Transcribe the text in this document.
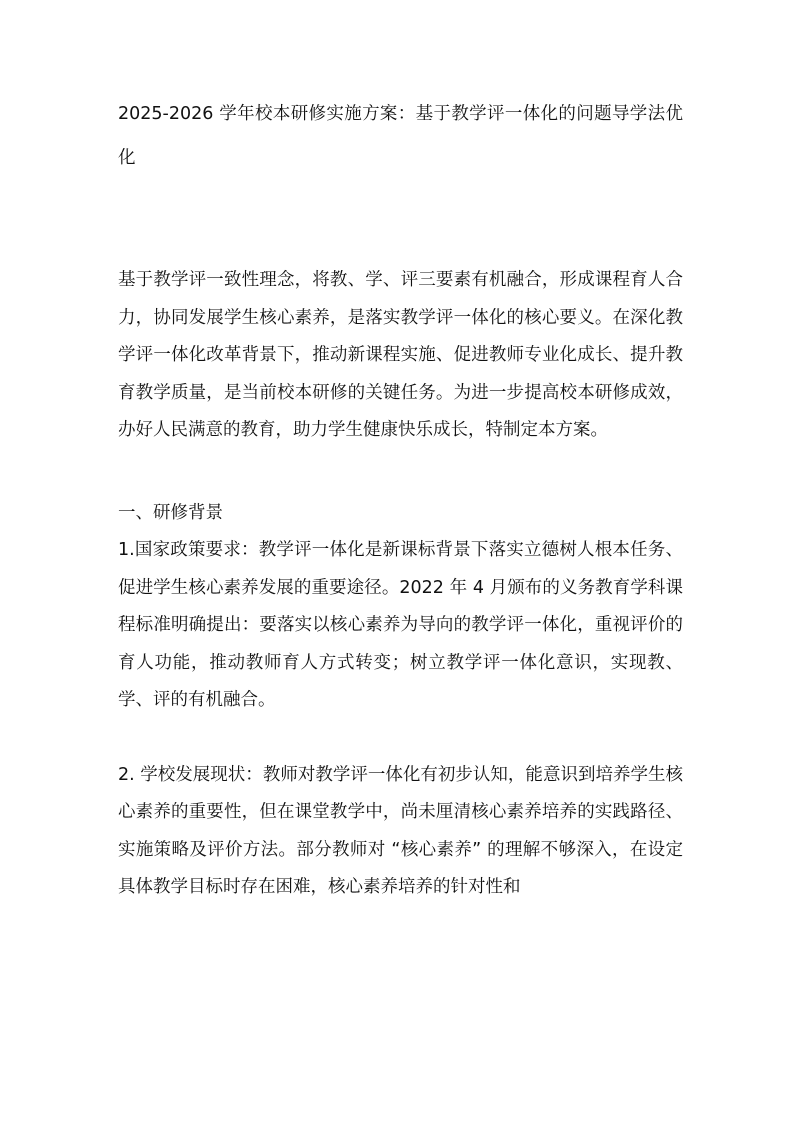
2025-2026 学年校本研修实施方案：基于教学评一体化的问题导学法优化

基于教学评一致性理念，将教、学、评三要素有机融合，形成课程育人合力，协同发展学生核心素养，是落实教学评一体化的核心要义。在深化教学评一体化改革背景下，推动新课程实施、促进教师专业化成长、提升教育教学质量，是当前校本研修的关键任务。为进一步提高校本研修成效，办好人民满意的教育，助力学生健康快乐成长，特制定本方案。

一、研修背景

1.国家政策要求：教学评一体化是新课标背景下落实立德树人根本任务、促进学生核心素养发展的重要途径。2022 年 4 月颁布的义务教育学科课程标准明确提出：要落实以核心素养为导向的教学评一体化，重视评价的育人功能，推动教师育人方式转变；树立教学评一体化意识，实现教、学、评的有机融合。

2. 学校发展现状：教师对教学评一体化有初步认知，能意识到培养学生核心素养的重要性，但在课堂教学中，尚未厘清核心素养培养的实践路径、实施策略及评价方法。部分教师对 “核心素养” 的理解不够深入，在设定具体教学目标时存在困难，核心素养培养的针对性和
